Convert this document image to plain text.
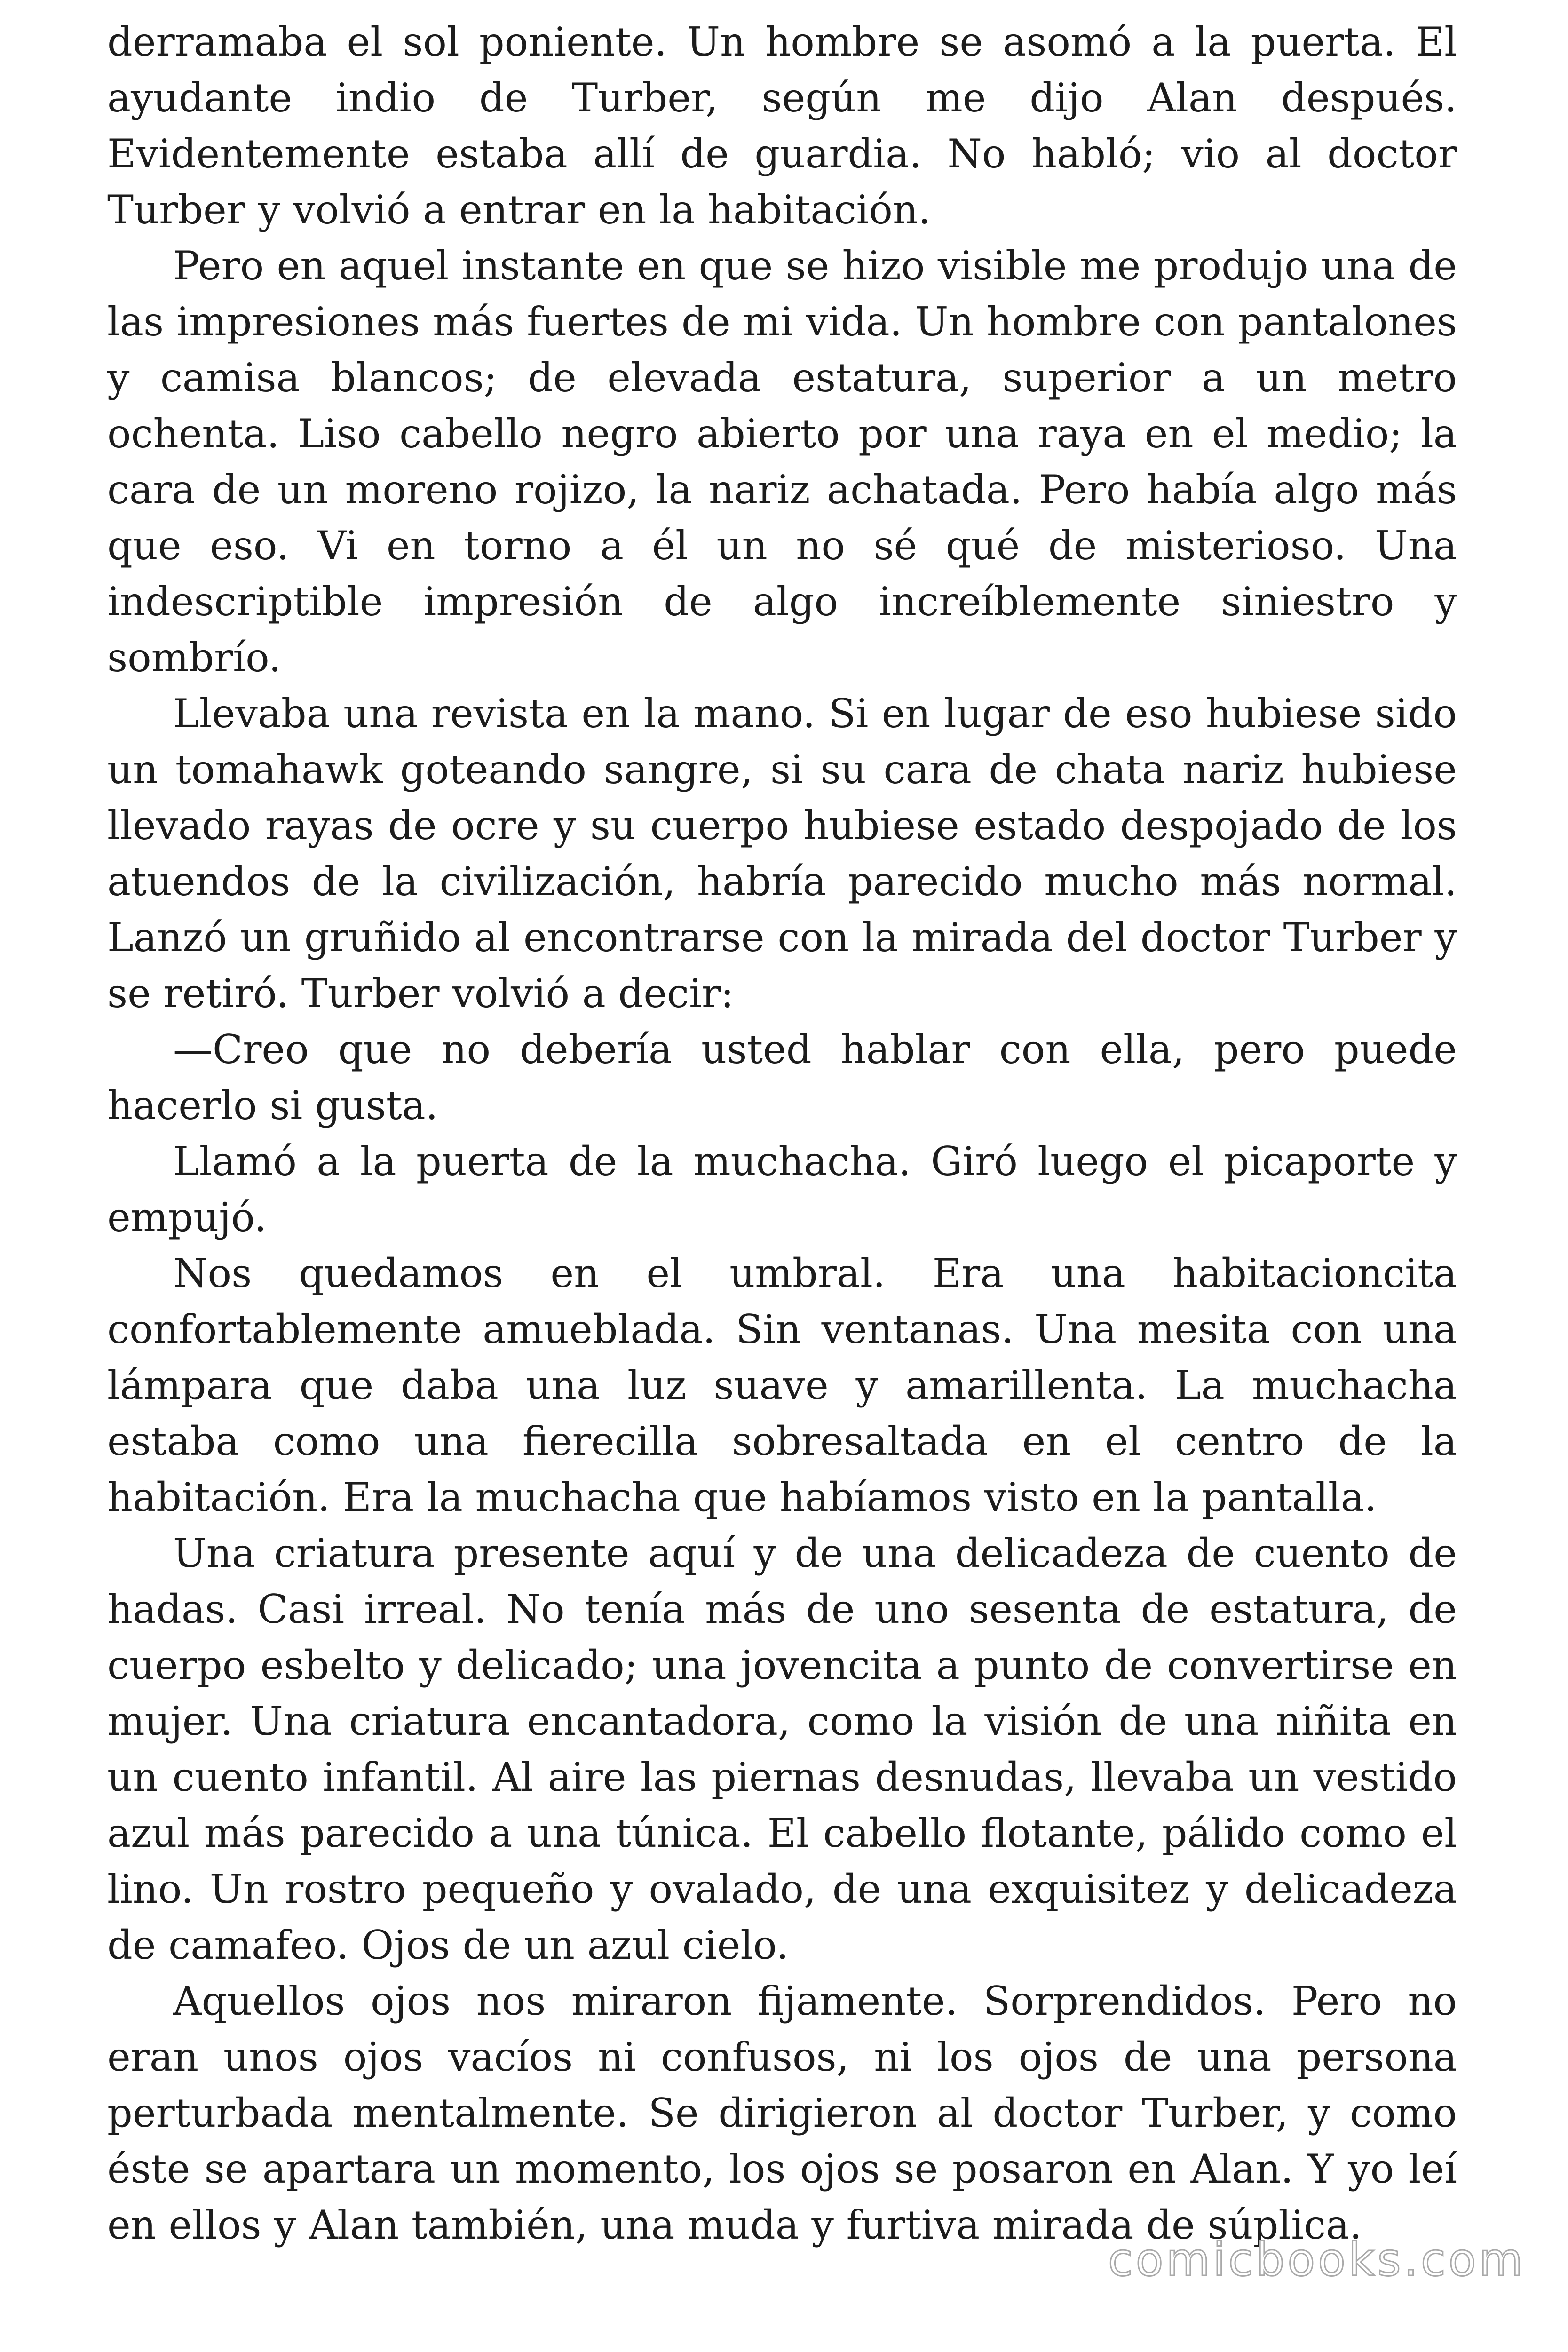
derramaba el sol poniente. Un hombre se asomó a la puerta. El ayudante indio de Turber, según me dijo Alan después. Evidentemente estaba allí de guardia. No habló; vio al doctor Turber y volvió a entrar en la habitación.

Pero en aquel instante en que se hizo visible me produjo una de las impresiones más fuertes de mi vida. Un hombre con pantalones y camisa blancos; de elevada estatura, superior a un metro ochenta. Liso cabello negro abierto por una raya en el medio; la cara de un moreno rojizo, la nariz achatada. Pero había algo más que eso. Vi en torno a él un no sé qué de misterioso. Una indescriptible impresión de algo increíblemente siniestro y sombrío.

Llevaba una revista en la mano. Si en lugar de eso hubiese sido un tomahawk goteando sangre, si su cara de chata nariz hubiese llevado rayas de ocre y su cuerpo hubiese estado despojado de los atuendos de la civilización, habría parecido mucho más normal. Lanzó un gruñido al encontrarse con la mirada del doctor Turber y se retiró. Turber volvió a decir:

—Creo que no debería usted hablar con ella, pero puede hacerlo si gusta.

Llamó a la puerta de la muchacha. Giró luego el picaporte y empujó.

Nos quedamos en el umbral. Era una habitacioncita confortablemente amueblada. Sin ventanas. Una mesita con una lámpara que daba una luz suave y amarillenta. La muchacha estaba como una fierecilla sobresaltada en el centro de la habitación. Era la muchacha que habíamos visto en la pantalla.

Una criatura presente aquí y de una delicadeza de cuento de hadas. Casi irreal. No tenía más de uno sesenta de estatura, de cuerpo esbelto y delicado; una jovencita a punto de convertirse en mujer. Una criatura encantadora, como la visión de una niñita en un cuento infantil. Al aire las piernas desnudas, llevaba un vestido azul más parecido a una túnica. El cabello flotante, pálido como el lino. Un rostro pequeño y ovalado, de una exquisitez y delicadeza de camafeo. Ojos de un azul cielo.

Aquellos ojos nos miraron fijamente. Sorprendidos. Pero no eran unos ojos vacíos ni confusos, ni los ojos de una persona perturbada mentalmente. Se dirigieron al doctor Turber, y como éste se apartara un momento, los ojos se posaron en Alan. Y yo leí en ellos y Alan también, una muda y furtiva mirada de súplica.

comicbooks.com
